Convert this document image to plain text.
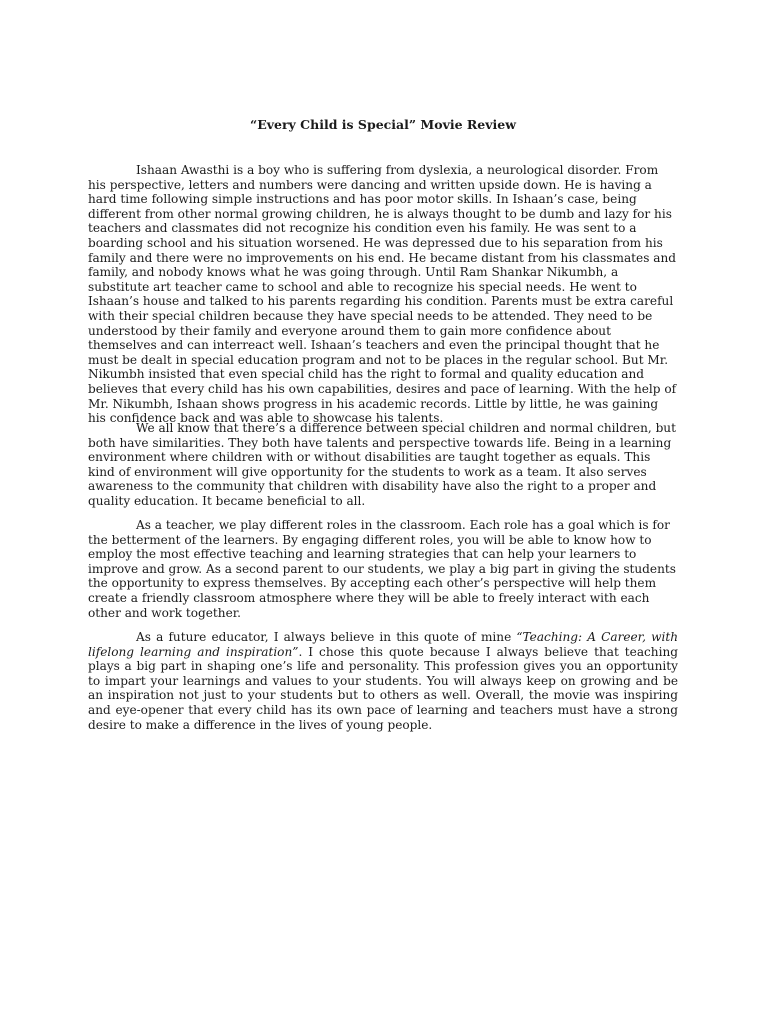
“Every Child is Special” Movie Review

Ishaan Awasthi is a boy who is suffering from dyslexia, a neurological disorder. From his perspective, letters and numbers were dancing and written upside down. He is having a hard time following simple instructions and has poor motor skills. In Ishaan’s case, being different from other normal growing children, he is always thought to be dumb and lazy for his teachers and classmates did not recognize his condition even his family. He was sent to a boarding school and his situation worsened. He was depressed due to his separation from his family and there were no improvements on his end. He became distant from his classmates and family, and nobody knows what he was going through. Until Ram Shankar Nikumbh, a substitute art teacher came to school and able to recognize his special needs. He went to Ishaan’s house and talked to his parents regarding his condition. Parents must be extra careful with their special children because they have special needs to be attended. They need to be understood by their family and everyone around them to gain more confidence about themselves and can interreact well. Ishaan’s teachers and even the principal thought that he must be dealt in special education program and not to be places in the regular school. But Mr. Nikumbh insisted that even special child has the right to formal and quality education and believes that every child has his own capabilities, desires and pace of learning. With the help of Mr. Nikumbh, Ishaan shows progress in his academic records. Little by little, he was gaining his confidence back and was able to showcase his talents.

We all know that there’s a difference between special children and normal children, but both have similarities. They both have talents and perspective towards life. Being in a learning environment where children with or without disabilities are taught together as equals. This kind of environment will give opportunity for the students to work as a team. It also serves awareness to the community that children with disability have also the right to a proper and quality education. It became beneficial to all.

As a teacher, we play different roles in the classroom. Each role has a goal which is for the betterment of the learners. By engaging different roles, you will be able to know how to employ the most effective teaching and learning strategies that can help your learners to improve and grow. As a second parent to our students, we play a big part in giving the students the opportunity to express themselves. By accepting each other’s perspective will help them create a friendly classroom atmosphere where they will be able to freely interact with each other and work together.

As a future educator, I always believe in this quote of mine “Teaching: A Career, with lifelong learning and inspiration”. I chose this quote because I always believe that teaching plays a big part in shaping one’s life and personality. This profession gives you an opportunity to impart your learnings and values to your students. You will always keep on growing and be an inspiration not just to your students but to others as well. Overall, the movie was inspiring and eye-opener that every child has its own pace of learning and teachers must have a strong desire to make a difference in the lives of young people.
